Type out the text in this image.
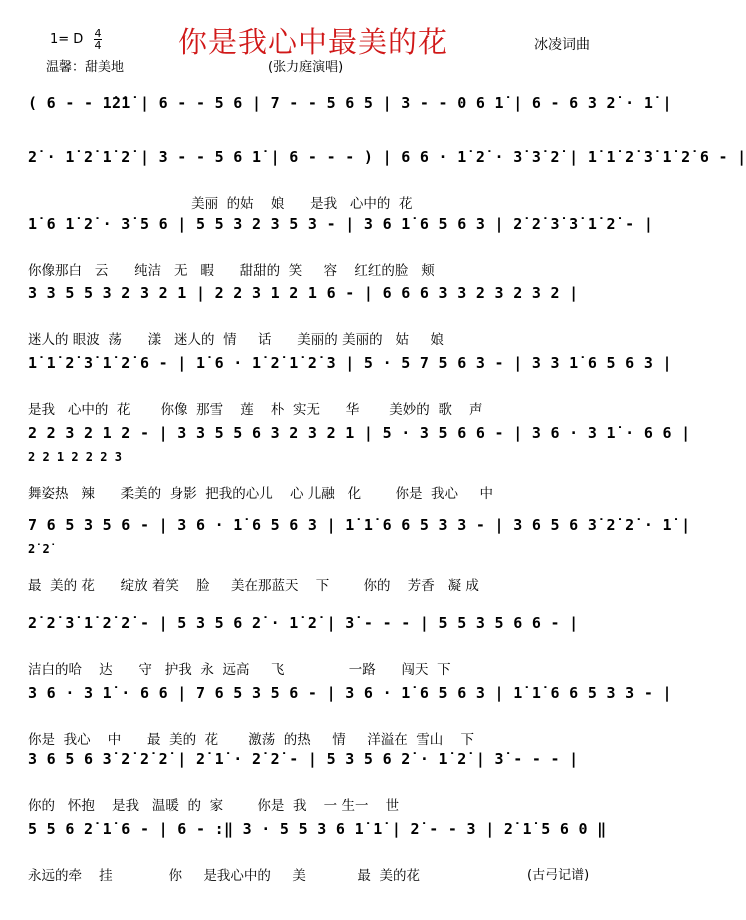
你是我心中最美的花
1= D 4
4	冰凌词曲
温馨：甜美地	(张力庭演唱)
( 6 - - 1̇2̇1̇ | 6 - - 5 6 | 7 - - 5 6 5 | 3 - - 0 6 1̇ | 6 - 6 3 2̇ · 1̇ |
2̇ · 1̇ 2̇ 1̇ 2̇ | 3 - - 5 6 1̇ | 6 - - - ) | 6 6 · 1̇ 2̇ · 3̇ 3̇ 2̇ | 1̇ 1̇ 2̇ 3̇ 1̇ 2̇ 6 - |
美丽  的姑    娘      是我   心中的  花
1̇ 6 1̇ 2̇ · 3̇ 5 6 | 5 5 3 2 3 5 3 - | 3 6 1̇ 6 5 6 3 | 2̇ 2̇ 3̇ 3̇ 1̇ 2̇ - |
你像那白   云      纯洁   无   暇      甜甜的  笑     容    红红的脸   颊
3 3 5 5 3 2 3 2 1 | 2 2 3 1 2 1 6 - | 6 6 6 3 3 2 3 2 3 2 |
迷人的 眼波  荡      漾   迷人的  情     话      美丽的 美丽的   姑     娘
1̇ 1̇ 2̇ 3̇ 1̇ 2̇ 6 - | 1̇ 6 · 1̇ 2̇ 1̇ 2̇ 3 | 5 · 5 7 5 6 3 - | 3 3 1̇ 6 5 6 3 |
是我   心中的  花       你像  那雪    莲    朴  实无      华       美妙的  歌    声
2 2 3 2 1 2 - | 3 3 5 5 6 3 2 3 2 1 | 5 · 3 5 6 6 - | 3 6 · 3 1̇ · 6 6 |
2 2 1 2 2 2 3
舞姿热   辣      柔美的  身影  把我的心儿    心 儿融   化        你是  我心     中
7 6 5 3 5 6 - | 3 6 · 1̇ 6 5 6 3 | 1̇ 1̇ 6 6 5 3 3 - | 3 6 5 6 3̇ 2̇ 2̇ · 1̇ |
2̇ 2̇
最  美的 花      绽放 着笑    脸     美在那蓝天    下        你的    芳香   凝 成
2̇ 2̇ 3̇ 1̇ 2̇ 2̇ - | 5 3 5 6 2̇ · 1̇ 2̇ | 3̇ - - - | 5 5 3 5 6 6 - |
洁白的哈    达      守   护我  永  远高     飞               一路      闯天  下
3 6 · 3 1̇ · 6 6 | 7 6 5 3 5 6 - | 3 6 · 1̇ 6 5 6 3 | 1̇ 1̇ 6 6 5 3 3 - |
你是  我心    中      最  美的  花       激荡  的热     情     洋溢在  雪山    下
3 6 5 6 3̇ 2̇ 2̇ 2̇ | 2̇ 1̇ · 2̇ 2̇ - | 5 3 5 6 2̇ · 1̇ 2̇ | 3̇ - - - |
你的   怀抱    是我   温暖  的  家        你是  我    一 生一    世
5 5 6 2̇ 1̇ 6 - | 6 - :‖ 3 · 5 5 3 6 1̇ 1̇ | 2̇ - - 3 | 2̇ 1̇ 5 6 0 ‖
永远的牵    挂             你     是我心中的     美            最  美的花	(古弓记谱)
